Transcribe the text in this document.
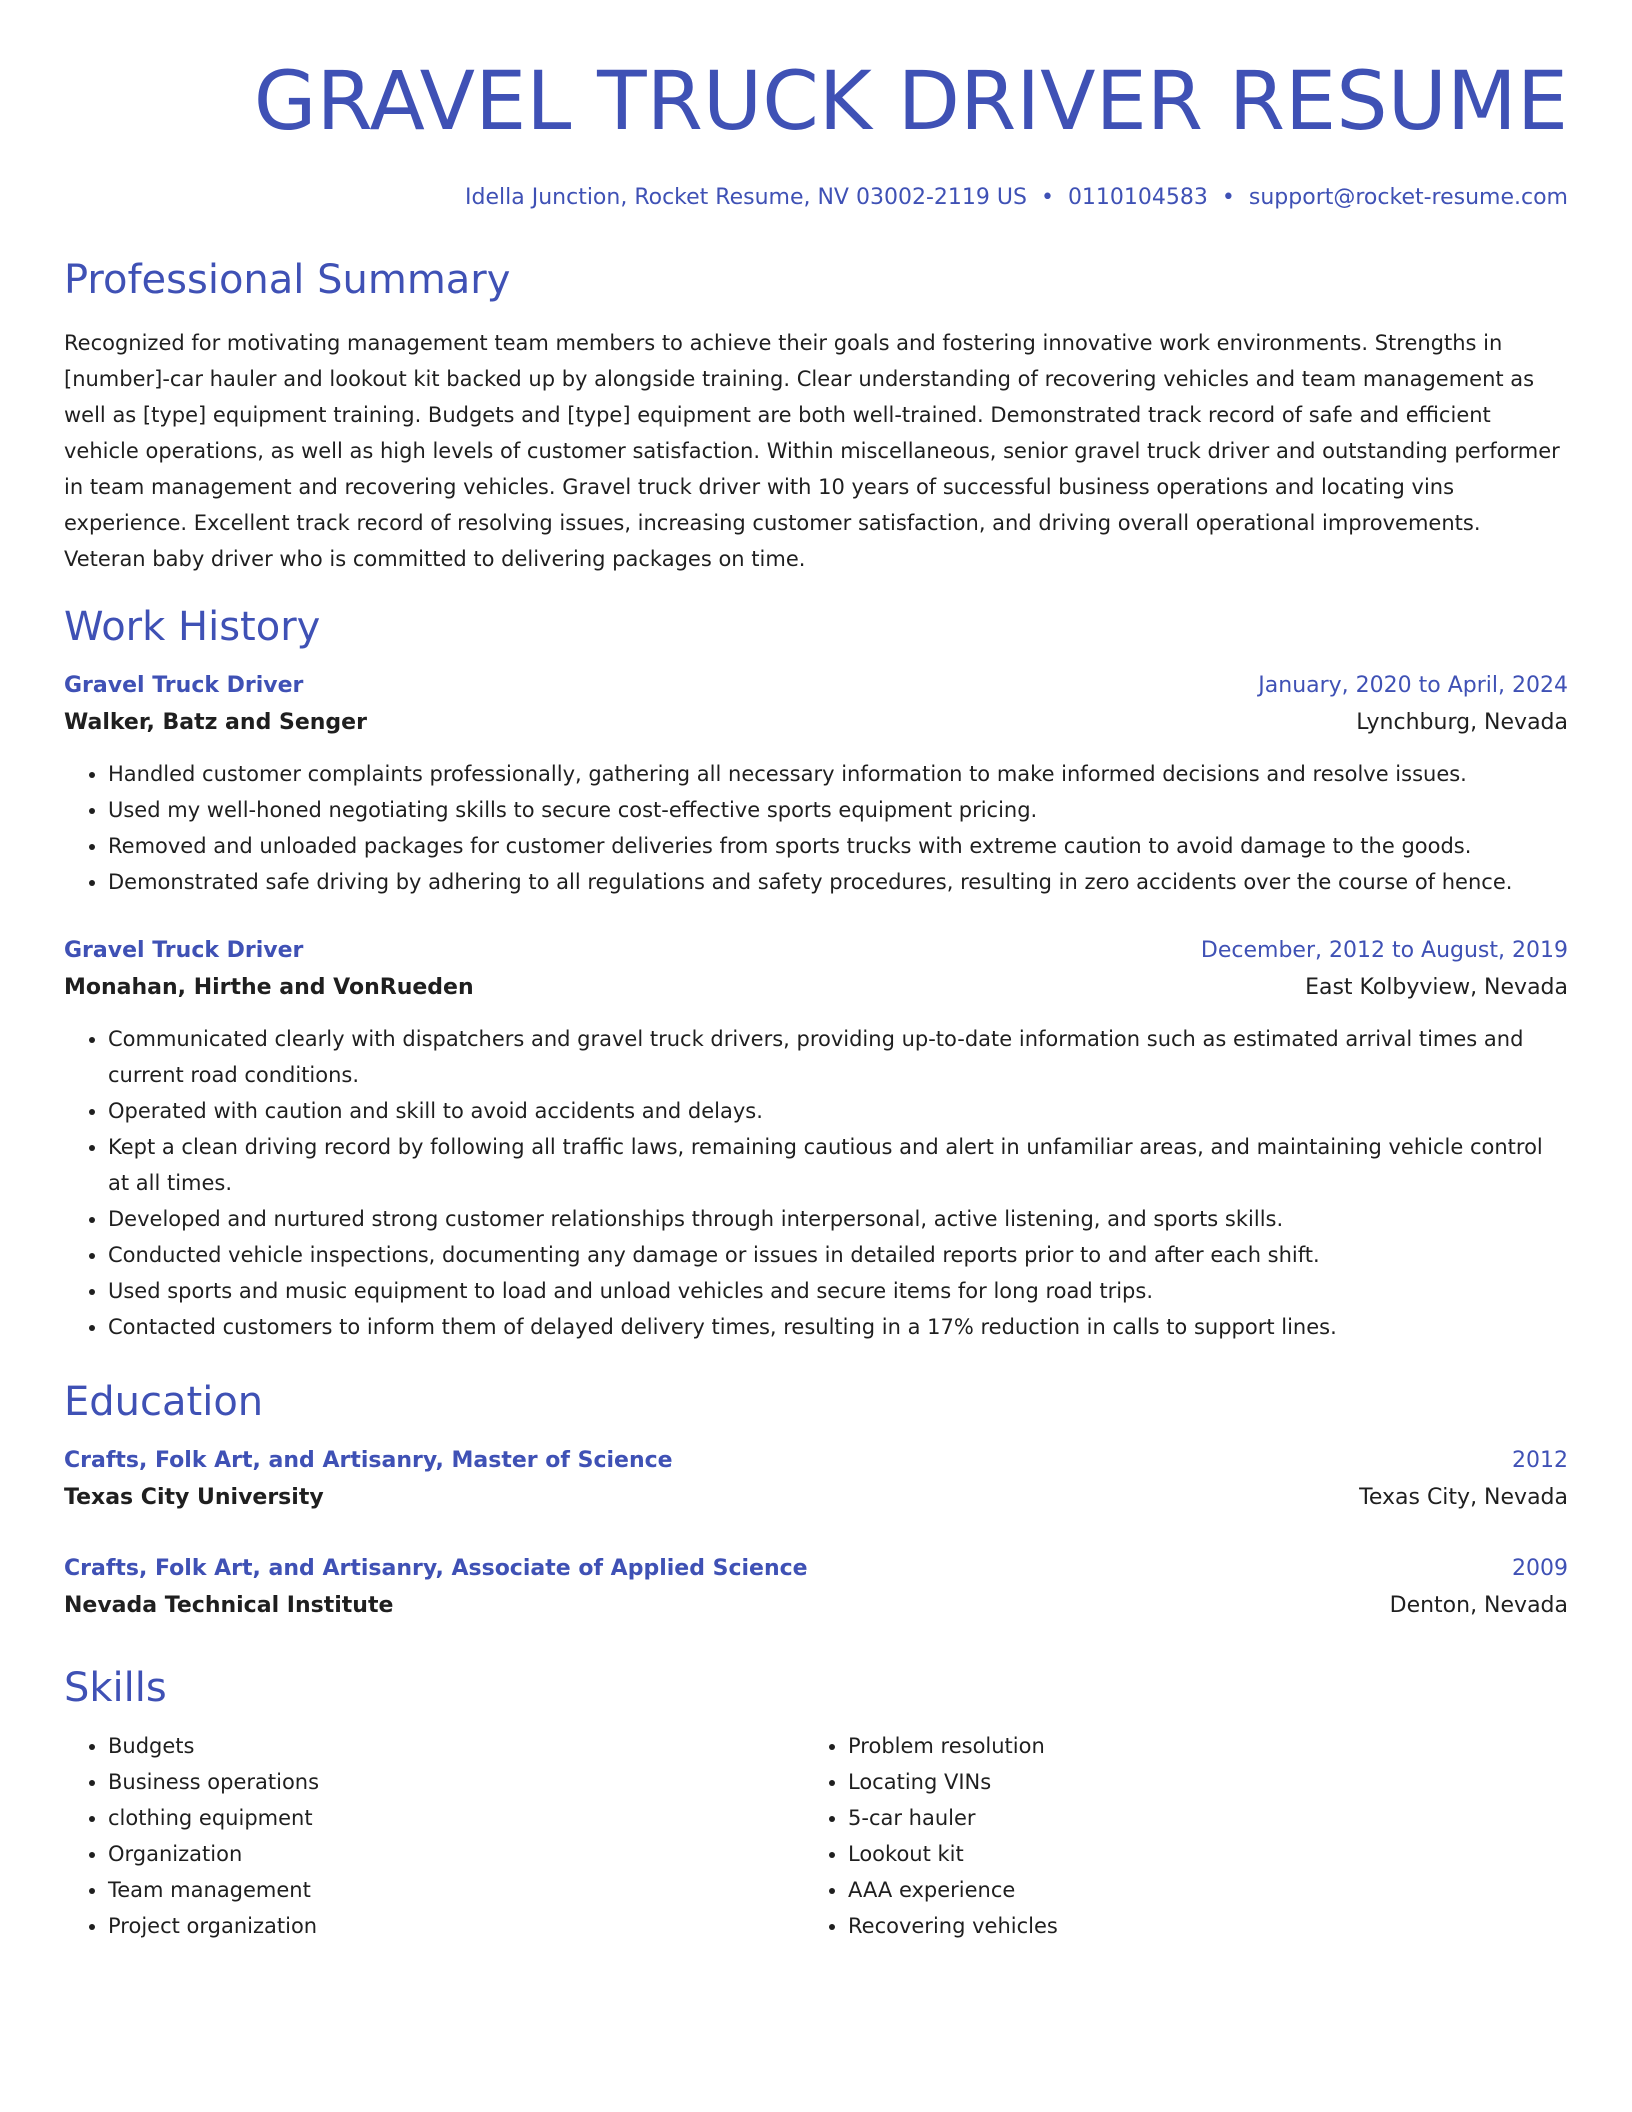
GRAVEL TRUCK DRIVER RESUME
Idella Junction, Rocket Resume, NV 03002-2119 US • 0110104583 • support@rocket-resume.com
Professional Summary
Recognized for motivating management team members to achieve their goals and fostering innovative work environments. Strengths in [number]-car hauler and lookout kit backed up by alongside training. Clear understanding of recovering vehicles and team management as well as [type] equipment training. Budgets and [type] equipment are both well-trained. Demonstrated track record of safe and efficient vehicle operations, as well as high levels of customer satisfaction. Within miscellaneous, senior gravel truck driver and outstanding performer in team management and recovering vehicles. Gravel truck driver with 10 years of successful business operations and locating vins experience. Excellent track record of resolving issues, increasing customer satisfaction, and driving overall operational improvements. Veteran baby driver who is committed to delivering packages on time.
Work History
Gravel Truck Driver	January, 2020 to April, 2024
Walker, Batz and Senger	Lynchburg, Nevada
• Handled customer complaints professionally, gathering all necessary information to make informed decisions and resolve issues.
• Used my well-honed negotiating skills to secure cost-effective sports equipment pricing.
• Removed and unloaded packages for customer deliveries from sports trucks with extreme caution to avoid damage to the goods.
• Demonstrated safe driving by adhering to all regulations and safety procedures, resulting in zero accidents over the course of hence.
Gravel Truck Driver	December, 2012 to August, 2019
Monahan, Hirthe and VonRueden	East Kolbyview, Nevada
• Communicated clearly with dispatchers and gravel truck drivers, providing up-to-date information such as estimated arrival times and current road conditions.
• Operated with caution and skill to avoid accidents and delays.
• Kept a clean driving record by following all traffic laws, remaining cautious and alert in unfamiliar areas, and maintaining vehicle control at all times.
• Developed and nurtured strong customer relationships through interpersonal, active listening, and sports skills.
• Conducted vehicle inspections, documenting any damage or issues in detailed reports prior to and after each shift.
• Used sports and music equipment to load and unload vehicles and secure items for long road trips.
• Contacted customers to inform them of delayed delivery times, resulting in a 17% reduction in calls to support lines.
Education
Crafts, Folk Art, and Artisanry, Master of Science	2012
Texas City University	Texas City, Nevada
Crafts, Folk Art, and Artisanry, Associate of Applied Science	2009
Nevada Technical Institute	Denton, Nevada
Skills
• Budgets
• Business operations
• clothing equipment
• Organization
• Team management
• Project organization
• Problem resolution
• Locating VINs
• 5-car hauler
• Lookout kit
• AAA experience
• Recovering vehicles
